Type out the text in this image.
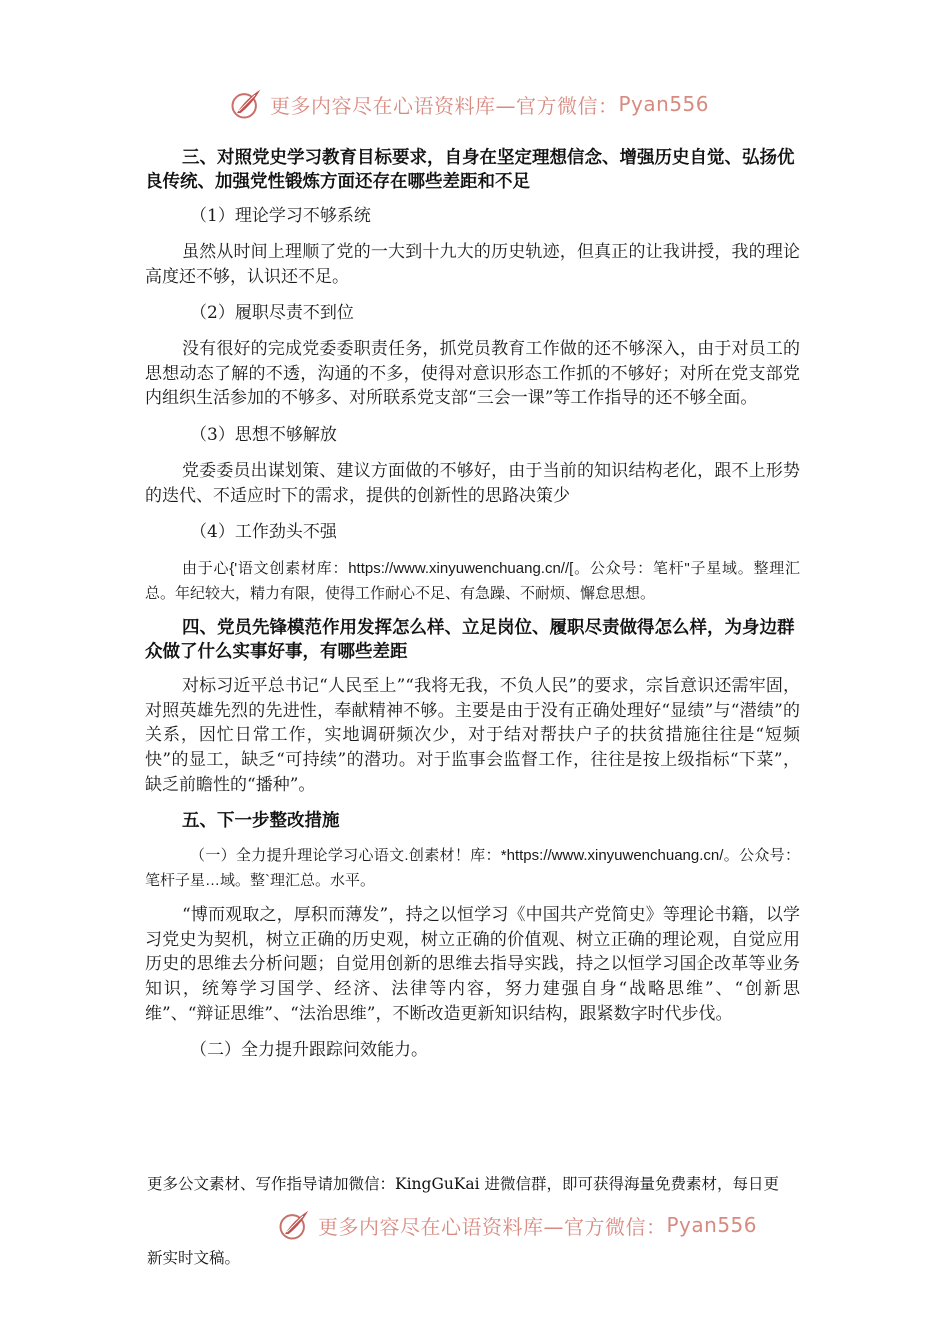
更多内容尽在心语资料库—官方微信： Pyan556
三、对照党史学习教育目标要求，自身在坚定理想信念、增强历史自觉、弘扬优良传统、加强党性锻炼方面还存在哪些差距和不足
（1）理论学习不够系统
虽然从时间上理顺了党的一大到十九大的历史轨迹，但真正的让我讲授，我的理论高度还不够，认识还不足。
（2）履职尽责不到位
没有很好的完成党委委职责任务，抓党员教育工作做的还不够深入，由于对员工的思想动态了解的不透，沟通的不多，使得对意识形态工作抓的不够好；对所在党支部党内组织生活参加的不够多、对所联系党支部“三会一课”等工作指导的还不够全面。
（3）思想不够解放
党委委员出谋划策、建议方面做的不够好，由于当前的知识结构老化，跟不上形势的迭代、不适应时下的需求，提供的创新性的思路决策少
（4）工作劲头不强
由于心{'语文创素材库：https://www.xinyuwenchuang.cn//[。公众号：笔杆"子星域。整理汇总。年纪较大，精力有限，使得工作耐心不足、有急躁、不耐烦、懈怠思想。
四、党员先锋模范作用发挥怎么样、立足岗位、履职尽责做得怎么样，为身边群众做了什么实事好事，有哪些差距
对标习近平总书记“人民至上”“我将无我，不负人民”的要求，宗旨意识还需牢固，对照英雄先烈的先进性，奉献精神不够。主要是由于没有正确处理好“显绩”与“潜绩”的关系，因忙日常工作，实地调研频次少，对于结对帮扶户子的扶贫措施往往是“短频快”的显工，缺乏“可持续”的潜功。对于监事会监督工作，往往是按上级指标“下菜”，缺乏前瞻性的“播种”。
五、下一步整改措施
（一）全力提升理论学习心语文.创素材！库：*https://www.xinyuwenchuang.cn/。公众号：笔杆子星…域。整`理汇总。水平。
“博而观取之，厚积而薄发”，持之以恒学习《中国共产党简史》等理论书籍，以学习党史为契机，树立正确的历史观，树立正确的价值观、树立正确的理论观，自觉应用历史的思维去分析问题；自觉用创新的思维去指导实践，持之以恒学习国企改革等业务知识，统筹学习国学、经济、法律等内容，努力建强自身“战略思维”、“创新思维”、“辩证思维”、“法治思维”，不断改造更新知识结构，跟紧数字时代步伐。
（二）全力提升跟踪问效能力。
更多公文素材、写作指导请加微信：KingGuKai 进微信群，即可获得海量免费素材，每日更
更多内容尽在心语资料库—官方微信： Pyan556
新实时文稿。
